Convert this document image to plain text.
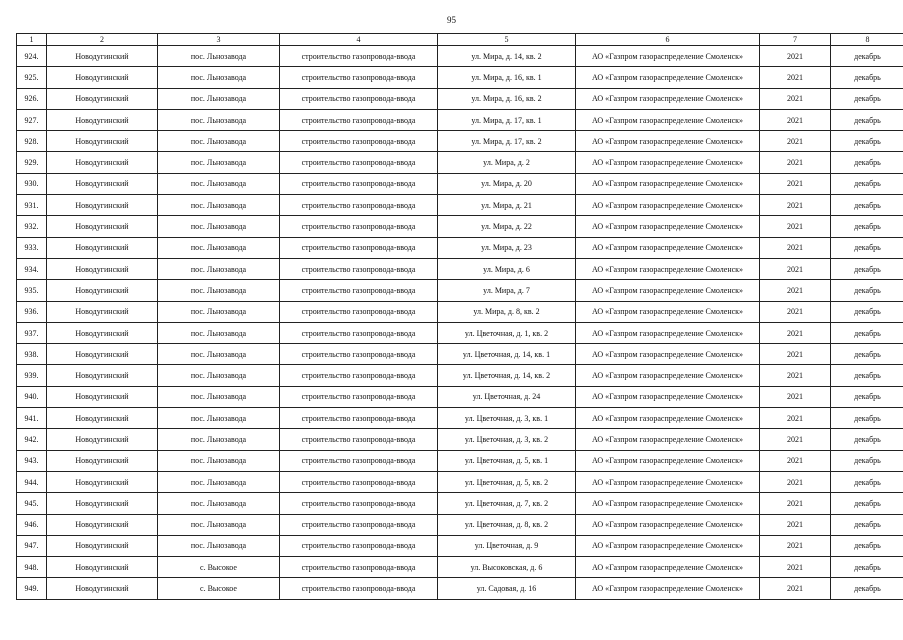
95
1	2	3	4	5	6	7	8
924.	Новодугинский	пос. Льнозавода	строительство газопровода-ввода	ул. Мира, д. 14, кв. 2	АО «Газпром газораспределение Смоленск»	2021	декабрь
925.	Новодугинский	пос. Льнозавода	строительство газопровода-ввода	ул. Мира, д. 16, кв. 1	АО «Газпром газораспределение Смоленск»	2021	декабрь
926.	Новодугинский	пос. Льнозавода	строительство газопровода-ввода	ул. Мира, д. 16, кв. 2	АО «Газпром газораспределение Смоленск»	2021	декабрь
927.	Новодугинский	пос. Льнозавода	строительство газопровода-ввода	ул. Мира, д. 17, кв. 1	АО «Газпром газораспределение Смоленск»	2021	декабрь
928.	Новодугинский	пос. Льнозавода	строительство газопровода-ввода	ул. Мира, д. 17, кв. 2	АО «Газпром газораспределение Смоленск»	2021	декабрь
929.	Новодугинский	пос. Льнозавода	строительство газопровода-ввода	ул. Мира, д. 2	АО «Газпром газораспределение Смоленск»	2021	декабрь
930.	Новодугинский	пос. Льнозавода	строительство газопровода-ввода	ул. Мира, д. 20	АО «Газпром газораспределение Смоленск»	2021	декабрь
931.	Новодугинский	пос. Льнозавода	строительство газопровода-ввода	ул. Мира, д. 21	АО «Газпром газораспределение Смоленск»	2021	декабрь
932.	Новодугинский	пос. Льнозавода	строительство газопровода-ввода	ул. Мира, д. 22	АО «Газпром газораспределение Смоленск»	2021	декабрь
933.	Новодугинский	пос. Льнозавода	строительство газопровода-ввода	ул. Мира, д. 23	АО «Газпром газораспределение Смоленск»	2021	декабрь
934.	Новодугинский	пос. Льнозавода	строительство газопровода-ввода	ул. Мира, д. 6	АО «Газпром газораспределение Смоленск»	2021	декабрь
935.	Новодугинский	пос. Льнозавода	строительство газопровода-ввода	ул. Мира, д. 7	АО «Газпром газораспределение Смоленск»	2021	декабрь
936.	Новодугинский	пос. Льнозавода	строительство газопровода-ввода	ул. Мира, д. 8, кв. 2	АО «Газпром газораспределение Смоленск»	2021	декабрь
937.	Новодугинский	пос. Льнозавода	строительство газопровода-ввода	ул. Цветочная, д. 1, кв. 2	АО «Газпром газораспределение Смоленск»	2021	декабрь
938.	Новодугинский	пос. Льнозавода	строительство газопровода-ввода	ул. Цветочная, д. 14, кв. 1	АО «Газпром газораспределение Смоленск»	2021	декабрь
939.	Новодугинский	пос. Льнозавода	строительство газопровода-ввода	ул. Цветочная, д. 14, кв. 2	АО «Газпром газораспределение Смоленск»	2021	декабрь
940.	Новодугинский	пос. Льнозавода	строительство газопровода-ввода	ул. Цветочная, д. 24	АО «Газпром газораспределение Смоленск»	2021	декабрь
941.	Новодугинский	пос. Льнозавода	строительство газопровода-ввода	ул. Цветочная, д. 3, кв. 1	АО «Газпром газораспределение Смоленск»	2021	декабрь
942.	Новодугинский	пос. Льнозавода	строительство газопровода-ввода	ул. Цветочная, д. 3, кв. 2	АО «Газпром газораспределение Смоленск»	2021	декабрь
943.	Новодугинский	пос. Льнозавода	строительство газопровода-ввода	ул. Цветочная, д. 5, кв. 1	АО «Газпром газораспределение Смоленск»	2021	декабрь
944.	Новодугинский	пос. Льнозавода	строительство газопровода-ввода	ул. Цветочная, д. 5, кв. 2	АО «Газпром газораспределение Смоленск»	2021	декабрь
945.	Новодугинский	пос. Льнозавода	строительство газопровода-ввода	ул. Цветочная, д. 7, кв. 2	АО «Газпром газораспределение Смоленск»	2021	декабрь
946.	Новодугинский	пос. Льнозавода	строительство газопровода-ввода	ул. Цветочная, д. 8, кв. 2	АО «Газпром газораспределение Смоленск»	2021	декабрь
947.	Новодугинский	пос. Льнозавода	строительство газопровода-ввода	ул. Цветочная, д. 9	АО «Газпром газораспределение Смоленск»	2021	декабрь
948.	Новодугинский	с. Высокое	строительство газопровода-ввода	ул. Высоковская, д. 6	АО «Газпром газораспределение Смоленск»	2021	декабрь
949.	Новодугинский	с. Высокое	строительство газопровода-ввода	ул. Садовая, д. 16	АО «Газпром газораспределение Смоленск»	2021	декабрь
